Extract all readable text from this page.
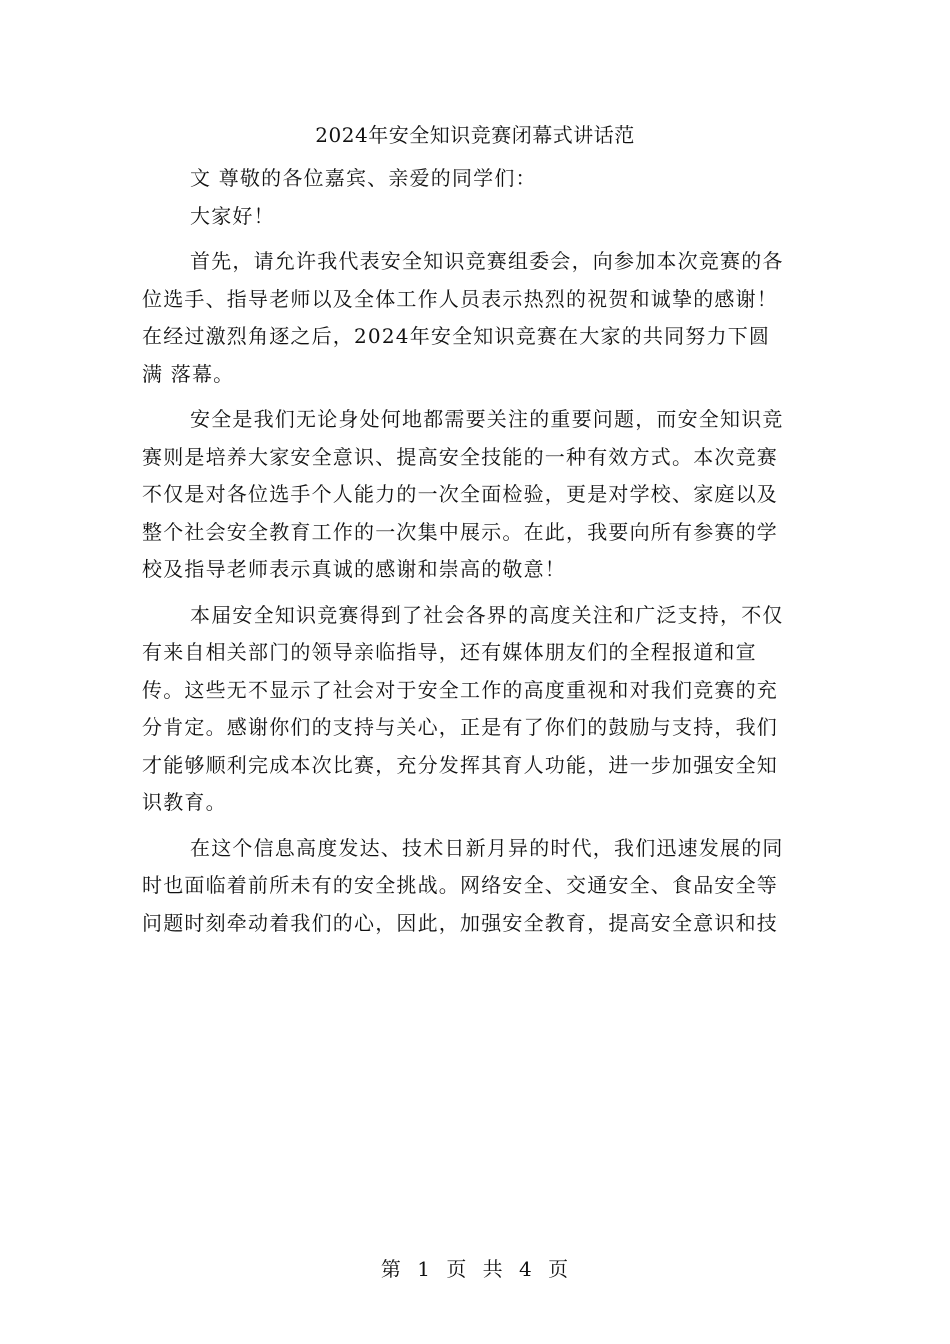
2024年安全知识竞赛闭幕式讲话范
文 尊敬的各位嘉宾、亲爱的同学们：
大家好！
首先，请允许我代表安全知识竞赛组委会，向参加本次竞赛的各
位选手、指导老师以及全体工作人员表示热烈的祝贺和诚挚的感谢！
在经过激烈角逐之后，2024年安全知识竞赛在大家的共同努力下圆
满 落幕。
安全是我们无论身处何地都需要关注的重要问题，而安全知识竞
赛则是培养大家安全意识、提高安全技能的一种有效方式。本次竞赛
不仅是对各位选手个人能力的一次全面检验，更是对学校、家庭以及
整个社会安全教育工作的一次集中展示。在此，我要向所有参赛的学
校及指导老师表示真诚的感谢和崇高的敬意！
本届安全知识竞赛得到了社会各界的高度关注和广泛支持，不仅
有来自相关部门的领导亲临指导，还有媒体朋友们的全程报道和宣
传。这些无不显示了社会对于安全工作的高度重视和对我们竞赛的充
分肯定。感谢你们的支持与关心，正是有了你们的鼓励与支持，我们
才能够顺利完成本次比赛，充分发挥其育人功能，进一步加强安全知
识教育。
在这个信息高度发达、技术日新月异的时代，我们迅速发展的同
时也面临着前所未有的安全挑战。网络安全、交通安全、食品安全等
问题时刻牵动着我们的心，因此，加强安全教育，提高安全意识和技
第 1 页 共 4 页
